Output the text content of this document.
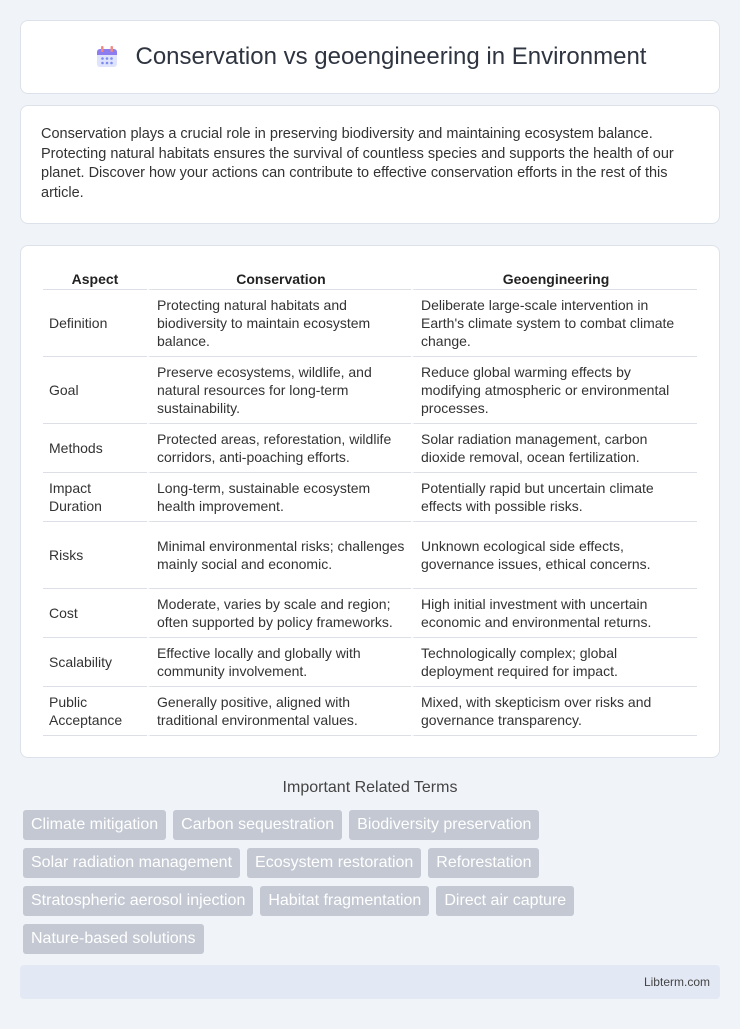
Conservation vs geoengineering in Environment

Conservation plays a crucial role in preserving biodiversity and maintaining ecosystem balance. Protecting natural habitats ensures the survival of countless species and supports the health of our planet. Discover how your actions can contribute to effective conservation efforts in the rest of this article.

Aspect	Conservation	Geoengineering
Definition	Protecting natural habitats and biodiversity to maintain ecosystem balance.	Deliberate large-scale intervention in Earth's climate system to combat climate change.
Goal	Preserve ecosystems, wildlife, and natural resources for long-term sustainability.	Reduce global warming effects by modifying atmospheric or environmental processes.
Methods	Protected areas, reforestation, wildlife corridors, anti-poaching efforts.	Solar radiation management, carbon dioxide removal, ocean fertilization.
Impact Duration	Long-term, sustainable ecosystem health improvement.	Potentially rapid but uncertain climate effects with possible risks.
Risks	Minimal environmental risks; challenges mainly social and economic.	Unknown ecological side effects, governance issues, ethical concerns.
Cost	Moderate, varies by scale and region; often supported by policy frameworks.	High initial investment with uncertain economic and environmental returns.
Scalability	Effective locally and globally with community involvement.	Technologically complex; global deployment required for impact.
Public Acceptance	Generally positive, aligned with traditional environmental values.	Mixed, with skepticism over risks and governance transparency.
Important Related Terms
Climate mitigation	Carbon sequestration	Biodiversity preservation
Solar radiation management	Ecosystem restoration	Reforestation
Stratospheric aerosol injection	Habitat fragmentation	Direct air capture
Nature-based solutions
Libterm.com
